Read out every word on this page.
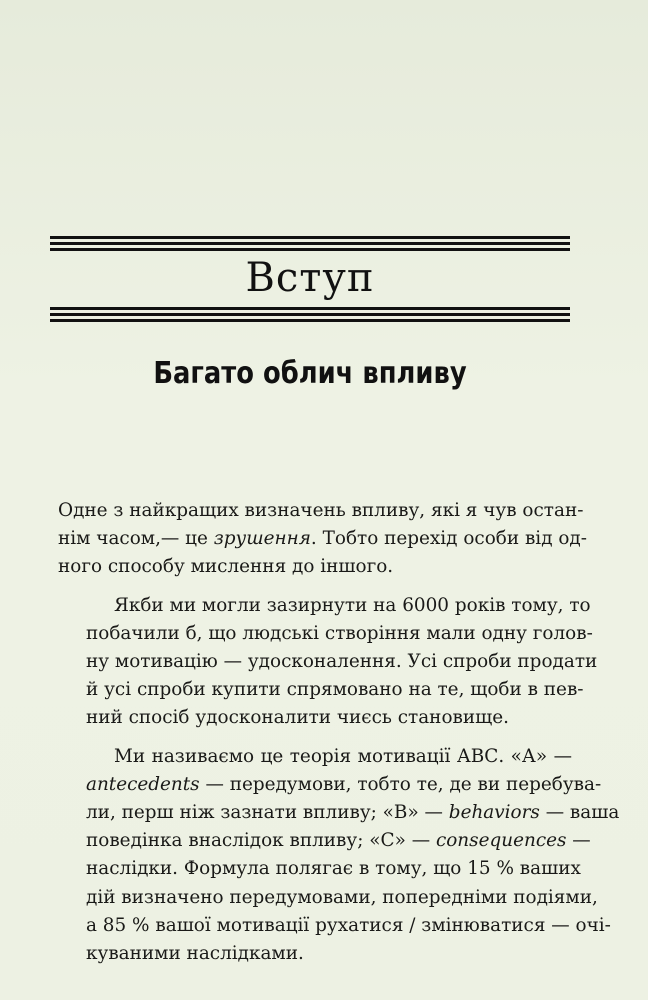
Вступ
Багато облич впливу

Одне з найкращих визначень впливу, які я чув остан-
нім часом,— це зрушення. Тобто перехід особи від од-
ного способу мислення до іншого.

Якби ми могли зазирнути на 6000 років тому, то
побачили б, що людські створіння мали одну голов-
ну мотивацію — удосконалення. Усі спроби продати
й усі спроби купити спрямовано на те, щоби в пев-
ний спосіб удосконалити чиєсь становище.

Ми називаємо це теорія мотивації АВС. «А» —
antecedents — передумови, тобто те, де ви перебува-
ли, перш ніж зазнати впливу; «В» — behaviors — ваша
поведінка внаслідок впливу; «С» — consequences —
наслідки. Формула полягає в тому, що 15 % ваших
дій визначено передумовами, попередніми подіями,
а 85 % вашої мотивації рухатися / змінюватися — очі-
куваними наслідками.
